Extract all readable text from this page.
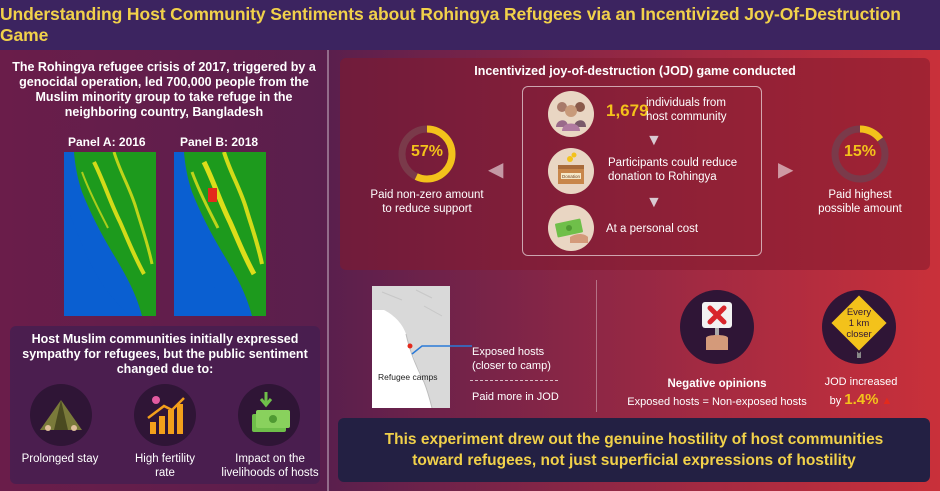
Understanding Host Community Sentiments about Rohingya Refugees via an Incentivized Joy-Of-Destruction Game
The Rohingya refugee crisis of 2017, triggered by a genocidal operation, led 700,000 people from the Muslim minority group to take refuge in the neighboring country, Bangladesh
Panel A: 2016	Panel B: 2018
Host Muslim communities initially expressed sympathy for refugees, but the public sentiment changed due to:
Prolonged stay	High fertility
rate
Impact on the
livelihoods of hosts
Incentivized joy-of-destruction (JOD) game conducted
1,679
individuals from
host community
▼
Donation
Participants could reduce
donation to Rohingya
▼
At a personal cost
57%
Paid non-zero amount
to reduce support
◀
15%
Paid highest
possible amount
▶
Refugee camps
Exposed hosts
(closer to camp)
Paid more in JOD
Negative opinions
Exposed hosts = Non-exposed hosts
Every
1 km
closer
JOD increased
by 1.4% ▲

This experiment drew out the genuine hostility of host communities
toward refugees, not just superficial expressions of hostility
